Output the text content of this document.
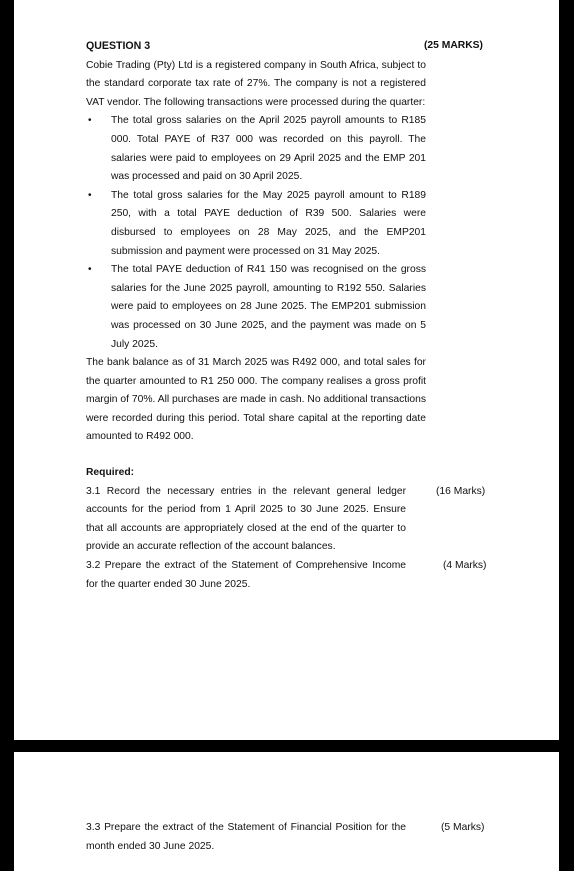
QUESTION 3	(25 MARKS)

Cobie Trading (Pty) Ltd is a registered company in South Africa, subject to the standard corporate tax rate of 27%. The company is not a registered VAT vendor. The following transactions were processed during the quarter:

• The total gross salaries on the April 2025 payroll amounts to R185 000. Total PAYE of R37 000 was recorded on this payroll. The salaries were paid to employees on 29 April 2025 and the EMP 201 was processed and paid on 30 April 2025.
• The total gross salaries for the May 2025 payroll amount to R189 250, with a total PAYE deduction of R39 500. Salaries were disbursed to employees on 28 May 2025, and the EMP201 submission and payment were processed on 31 May 2025.
• The total PAYE deduction of R41 150 was recognised on the gross salaries for the June 2025 payroll, amounting to R192 550. Salaries were paid to employees on 28 June 2025. The EMP201 submission was processed on 30 June 2025, and the payment was made on 5 July 2025.

The bank balance as of 31 March 2025 was R492 000, and total sales for the quarter amounted to R1 250 000. The company realises a gross profit margin of 70%. All purchases are made in cash. No additional transactions were recorded during this period. Total share capital at the reporting date amounted to R492 000.

Required:
3.1 Record the necessary entries in the relevant general ledger accounts for the period from 1 April 2025 to 30 June 2025. Ensure that all accounts are appropriately closed at the end of the quarter to provide an accurate reflection of the account balances.
(16 Marks)
3.2 Prepare the extract of the Statement of Comprehensive Income for the quarter ended 30 June 2025.
(4 Marks)
3.3 Prepare the extract of the Statement of Financial Position for the month ended 30 June 2025.
(5 Marks)
